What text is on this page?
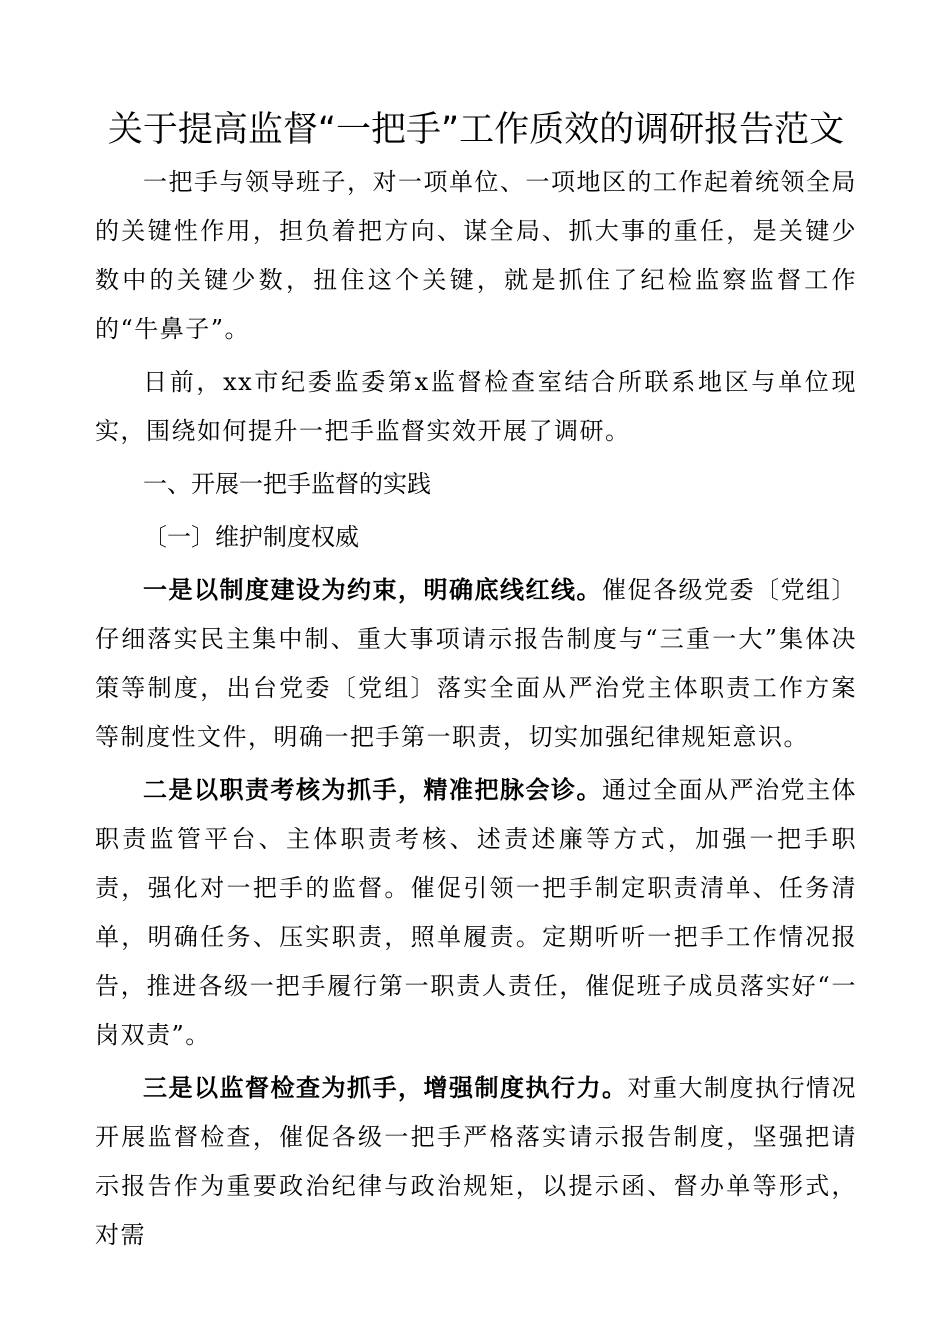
关于提高监督“一把手”工作质效的调研报告范文

一把手与领导班子，对一项单位、一项地区的工作起着统领全局的关键性作用，担负着把方向、谋全局、抓大事的重任，是关键少数中的关键少数，扭住这个关键，就是抓住了纪检监察监督工作的“牛鼻子”。

日前，xx市纪委监委第x监督检查室结合所联系地区与单位现实，围绕如何提升一把手监督实效开展了调研。

一、开展一把手监督的实践

〔一〕维护制度权威

一是以制度建设为约束，明确底线红线。催促各级党委〔党组〕仔细落实民主集中制、重大事项请示报告制度与“三重一大”集体决策等制度，出台党委〔党组〕落实全面从严治党主体职责工作方案等制度性文件，明确一把手第一职责，切实加强纪律规矩意识。

二是以职责考核为抓手，精准把脉会诊。通过全面从严治党主体职责监管平台、主体职责考核、述责述廉等方式，加强一把手职责，强化对一把手的监督。催促引领一把手制定职责清单、任务清单，明确任务、压实职责，照单履责。定期听听一把手工作情况报告，推进各级一把手履行第一职责人责任，催促班子成员落实好“一岗双责”。

三是以监督检查为抓手，增强制度执行力。对重大制度执行情况开展监督检查，催促各级一把手严格落实请示报告制度，坚强把请示报告作为重要政治纪律与政治规矩，以提示函、督办单等形式，对需
